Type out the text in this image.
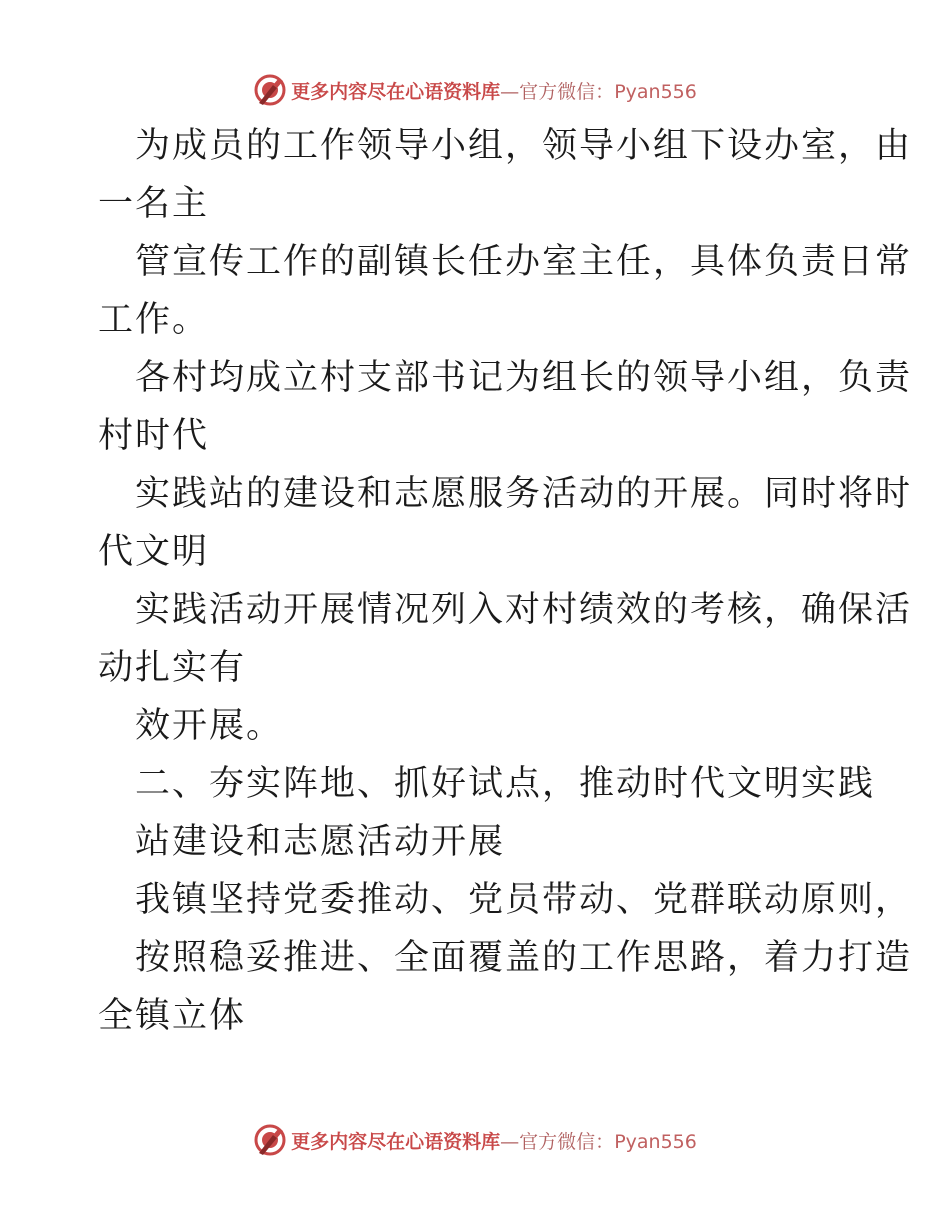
更多内容尽在心语资料库—官方微信：Pyan556
为成员的工作领导小组，领导小组下设办室，由
一名主
管宣传工作的副镇长任办室主任，具体负责日常
工作。
各村均成立村支部书记为组长的领导小组，负责
村时代
实践站的建设和志愿服务活动的开展。同时将时
代文明
实践活动开展情况列入对村绩效的考核，确保活
动扎实有
效开展。
二、夯实阵地、抓好试点，推动时代文明实践
站建设和志愿活动开展
我镇坚持党委推动、党员带动、党群联动原则，
按照稳妥推进、全面覆盖的工作思路，着力打造
全镇立体
更多内容尽在心语资料库—官方微信：Pyan556
